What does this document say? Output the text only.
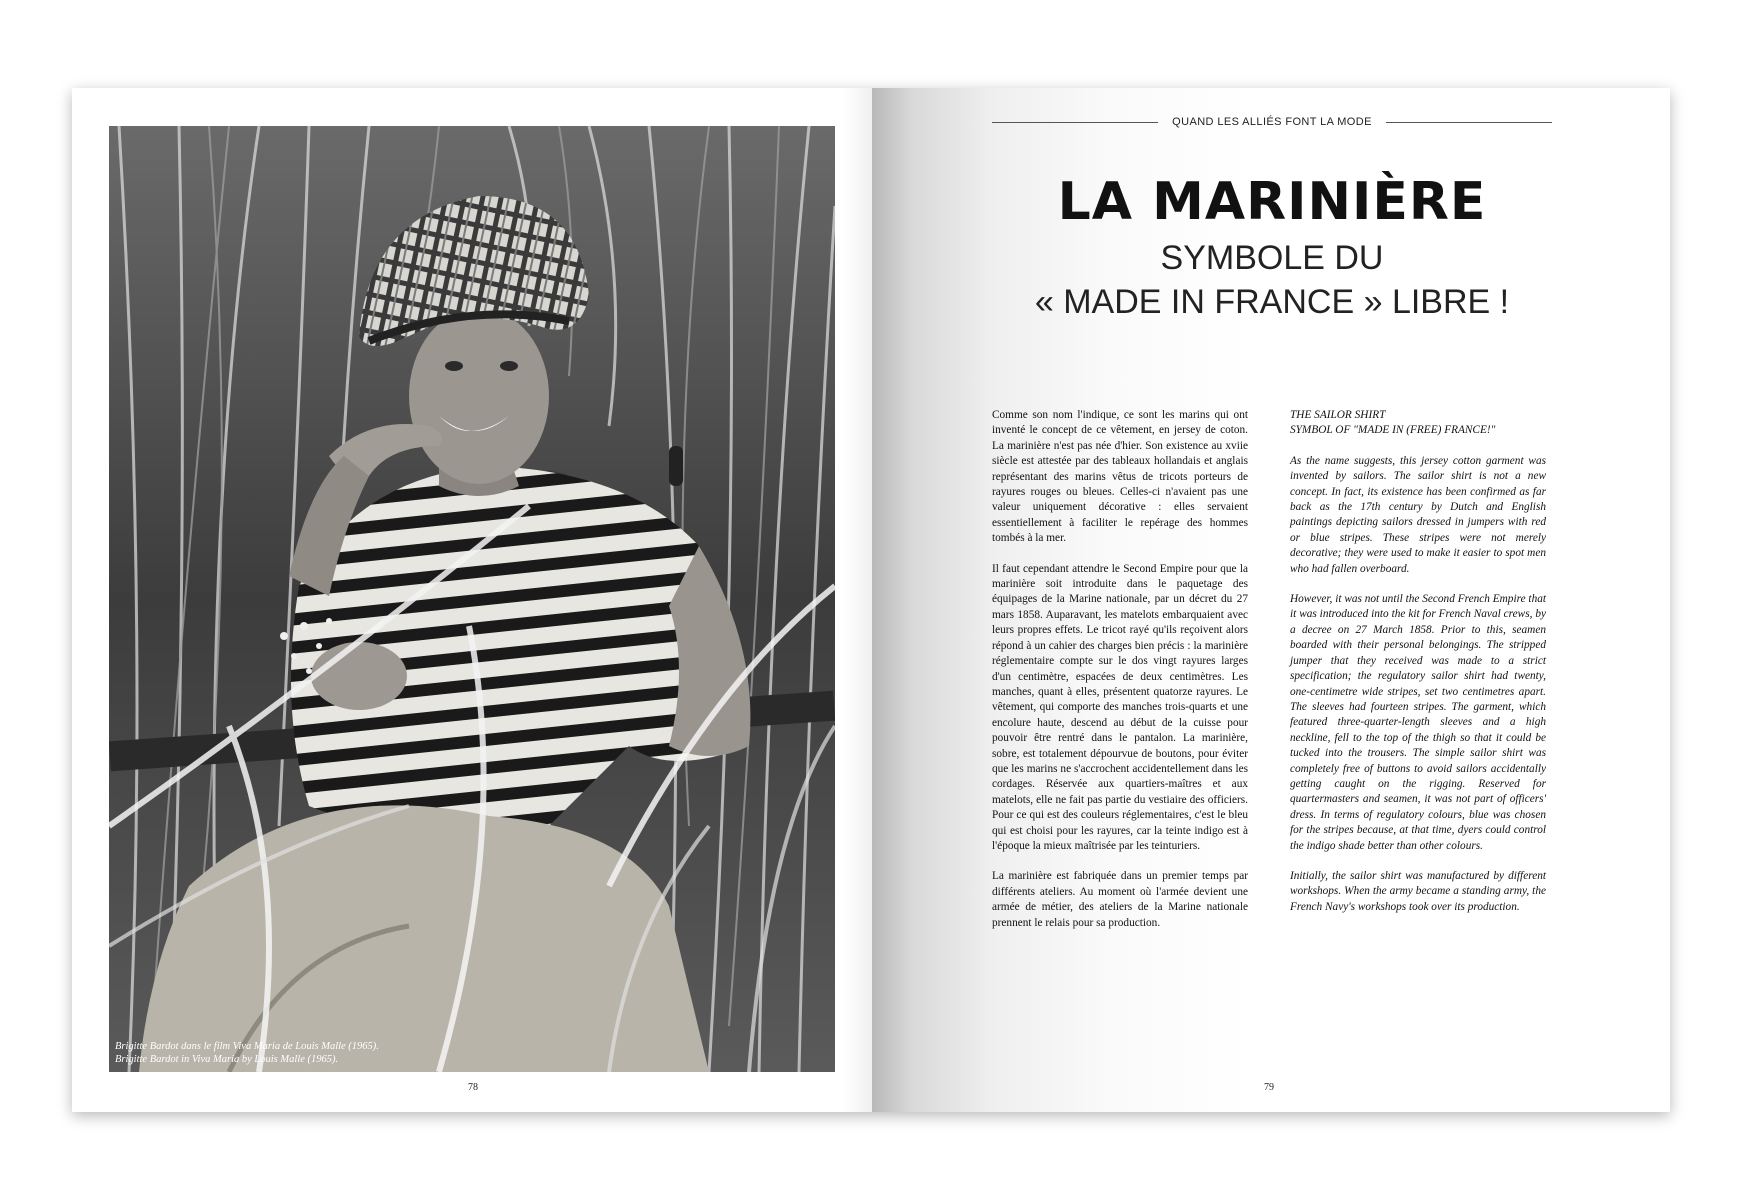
Brigitte Bardot dans le film Viva Maria de Louis Malle (1965).
Brigitte Bardot in Viva Maria by Louis Malle (1965).
78
QUAND LES ALLIÉS FONT LA MODE
LA MARINIÈRE
SYMBOLE DU
« MADE IN FRANCE » LIBRE !

Comme son nom l'indique, ce sont les marins qui ont inventé le concept de ce vêtement, en jersey de coton. La marinière n'est pas née d'hier. Son existence au xviie siècle est attestée par des tableaux hollandais et anglais représentant des marins vêtus de tricots porteurs de rayures rouges ou bleues. Celles-ci n'avaient pas une valeur uniquement décorative : elles servaient essentiellement à faciliter le repérage des hommes tombés à la mer.

Il faut cependant attendre le Second Empire pour que la marinière soit introduite dans le paquetage des équipages de la Marine nationale, par un décret du 27 mars 1858. Auparavant, les matelots embarquaient avec leurs propres effets. Le tricot rayé qu'ils reçoivent alors répond à un cahier des charges bien précis : la marinière réglementaire compte sur le dos vingt rayures larges d'un centimètre, espacées de deux centimètres. Les manches, quant à elles, présentent quatorze rayures. Le vêtement, qui comporte des manches trois-quarts et une encolure haute, descend au début de la cuisse pour pouvoir être rentré dans le pantalon. La marinière, sobre, est totalement dépourvue de boutons, pour éviter que les marins ne s'accrochent accidentellement dans les cordages. Réservée aux quartiers-maîtres et aux matelots, elle ne fait pas partie du vestiaire des officiers. Pour ce qui est des couleurs réglementaires, c'est le bleu qui est choisi pour les rayures, car la teinte indigo est à l'époque la mieux maîtrisée par les teinturiers.

La marinière est fabriquée dans un premier temps par différents ateliers. Au moment où l'armée devient une armée de métier, des ateliers de la Marine nationale prennent le relais pour sa production.

THE SAILOR SHIRT
SYMBOL OF "MADE IN (FREE) FRANCE!"

As the name suggests, this jersey cotton garment was invented by sailors. The sailor shirt is not a new concept. In fact, its existence has been confirmed as far back as the 17th century by Dutch and English paintings depicting sailors dressed in jumpers with red or blue stripes. These stripes were not merely decorative; they were used to make it easier to spot men who had fallen overboard.

However, it was not until the Second French Empire that it was introduced into the kit for French Naval crews, by a decree on 27 March 1858. Prior to this, seamen boarded with their personal belongings. The stripped jumper that they received was made to a strict specification; the regulatory sailor shirt had twenty, one-centimetre wide stripes, set two centimetres apart. The sleeves had fourteen stripes. The garment, which featured three-quarter-length sleeves and a high neckline, fell to the top of the thigh so that it could be tucked into the trousers. The simple sailor shirt was completely free of buttons to avoid sailors accidentally getting caught on the rigging. Reserved for quartermasters and seamen, it was not part of officers' dress. In terms of regulatory colours, blue was chosen for the stripes because, at that time, dyers could control the indigo shade better than other colours.

Initially, the sailor shirt was manufactured by different workshops. When the army became a standing army, the French Navy's workshops took over its production.

79
